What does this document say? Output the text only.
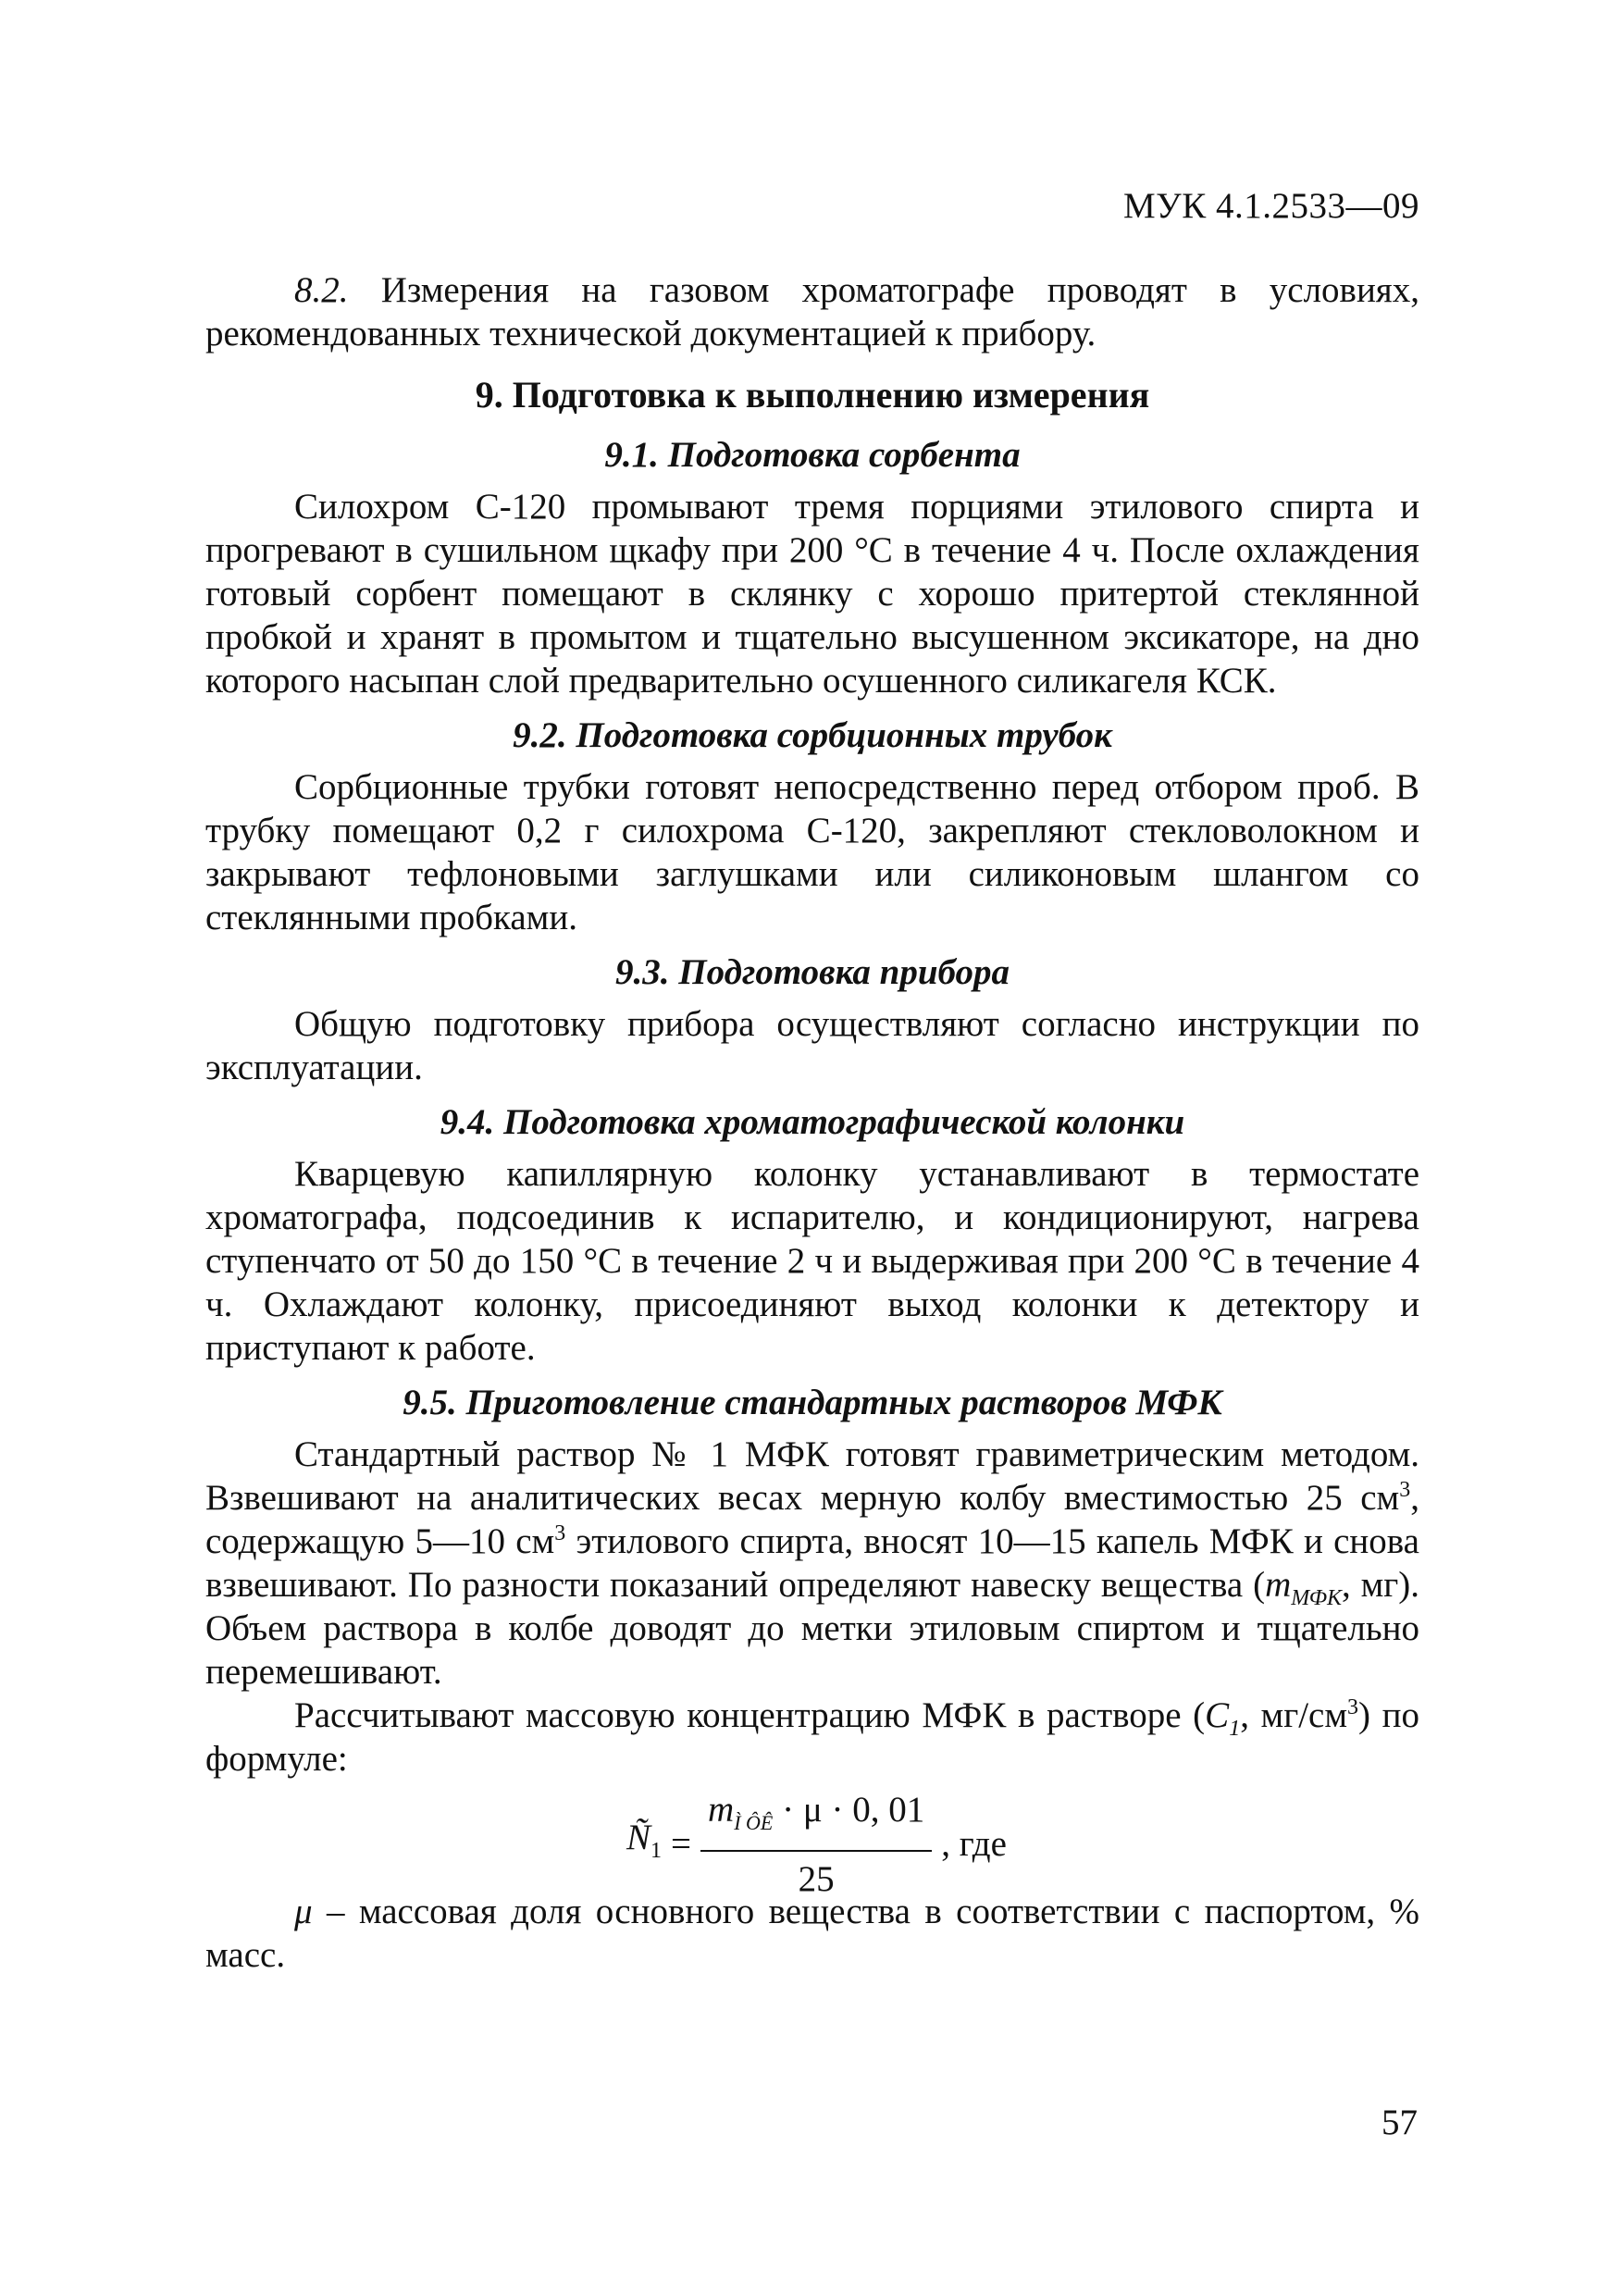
МУК 4.1.2533—09

8.2. Измерения на газовом хроматографе проводят в условиях, рекомендованных технической документацией к прибору.

9. Подготовка к выполнению измерения
9.1. Подготовка сорбента

Силохром С-120 промывают тремя порциями этилового спирта и прогревают в сушильном щкафу при 200 °С в течение 4 ч. После охлаждения готовый сорбент помещают в склянку с хорошо притертой стеклянной пробкой и хранят в промытом и тщательно высушенном эксикаторе, на дно которого насыпан слой предварительно осушенного силикагеля КСК.

9.2. Подготовка сорбционных трубок

Сорбционные трубки готовят непосредственно перед отбором проб. В трубку помещают 0,2 г силохрома С-120, закрепляют стекловолокном и закрывают тефлоновыми заглушками или силиконовым шлангом со стеклянными пробками.

9.3. Подготовка прибора

Общую подготовку прибора осуществляют согласно инструкции по эксплуатации.

9.4. Подготовка хроматографической колонки

Кварцевую капиллярную колонку устанавливают в термостате хроматографа, подсоединив к испарителю, и кондиционируют, нагрева ступенчато от 50 до 150 °С в течение 2 ч и выдерживая при 200 °С в течение 4 ч. Охлаждают колонку, присоединяют выход колонки к детектору и приступают к работе.

9.5. Приготовление стандартных растворов МФК

Стандартный раствор № 1 МФК готовят гравиметрическим методом. Взвешивают на аналитических весах мерную колбу вместимостью 25 $см^3$, содержащую 5—10 $см^3$ этилового спирта, вносят 10—15 капель МФК и снова взвешивают. По разности показаний определяют навеску вещества ($m_{МФК}$, мг). Объем раствора в колбе доводят до метки этиловым спиртом и тщательно перемешивают.

Рассчитывают массовую концентрацию МФК в растворе ($C_1$, $мг/см^3$) по формуле:

$Ñ_1 = \frac{m_{Ì ÔÊ} \cdot \mu \cdot 0, 01}{25}$ , где

μ – массовая доля основного вещества в соответствии с паспортом, % масс.

57
